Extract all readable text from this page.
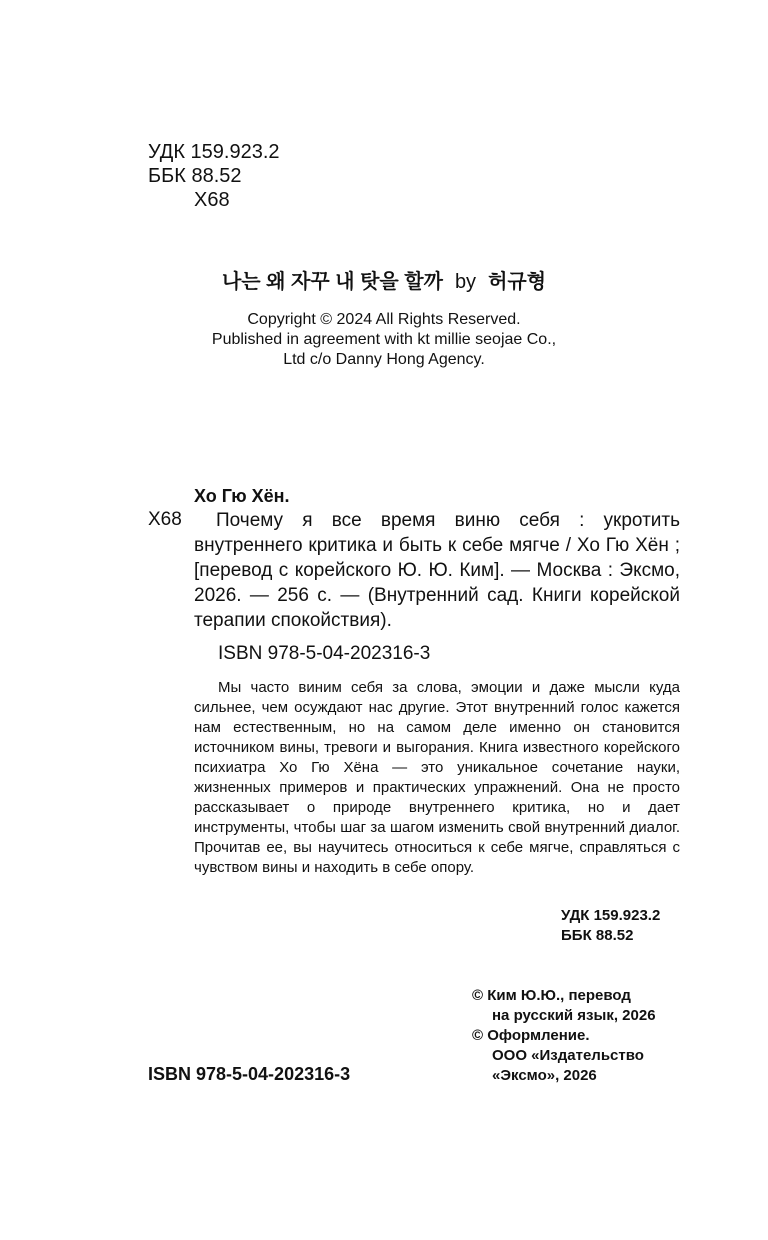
УДК 159.923.2
ББК 88.52
Х68
나는 왜 자꾸 내 탓을 할까 by 허규형
Copyright © 2024 All Rights Reserved.
Published in agreement with kt millie seojae Co.,
Ltd c/o Danny Hong Agency.
Хо Гю Хён.
Х68	Почему я все время виню себя : укротить внутреннего критика и быть к себе мягче / Хо Гю Хён ; [перевод с корейского Ю. Ю. Ким]. — Москва : Эксмо, 2026. — 256 с. — (Внутренний сад. Книги корейской терапии спокойствия).
ISBN 978-5-04-202316-3
Мы часто виним себя за слова, эмоции и даже мысли куда сильнее, чем осуждают нас другие. Этот внутренний голос кажется нам естественным, но на самом деле именно он становится источником вины, тревоги и выгорания. Книга известного корейского психиатра Хо Гю Хёна — это уникальное сочетание науки, жизненных примеров и практических упражнений. Она не просто рассказывает о природе внутреннего критика, но и дает инструменты, чтобы шаг за шагом изменить свой внутренний диалог. Прочитав ее, вы научитесь относиться к себе мягче, справляться с чувством вины и находить в себе опору.
УДК 159.923.2
ББК 88.52
© Ким Ю.Ю., перевод
на русский язык, 2026
© Оформление.
ООО «Издательство
«Эксмо», 2026
ISBN 978-5-04-202316-3
